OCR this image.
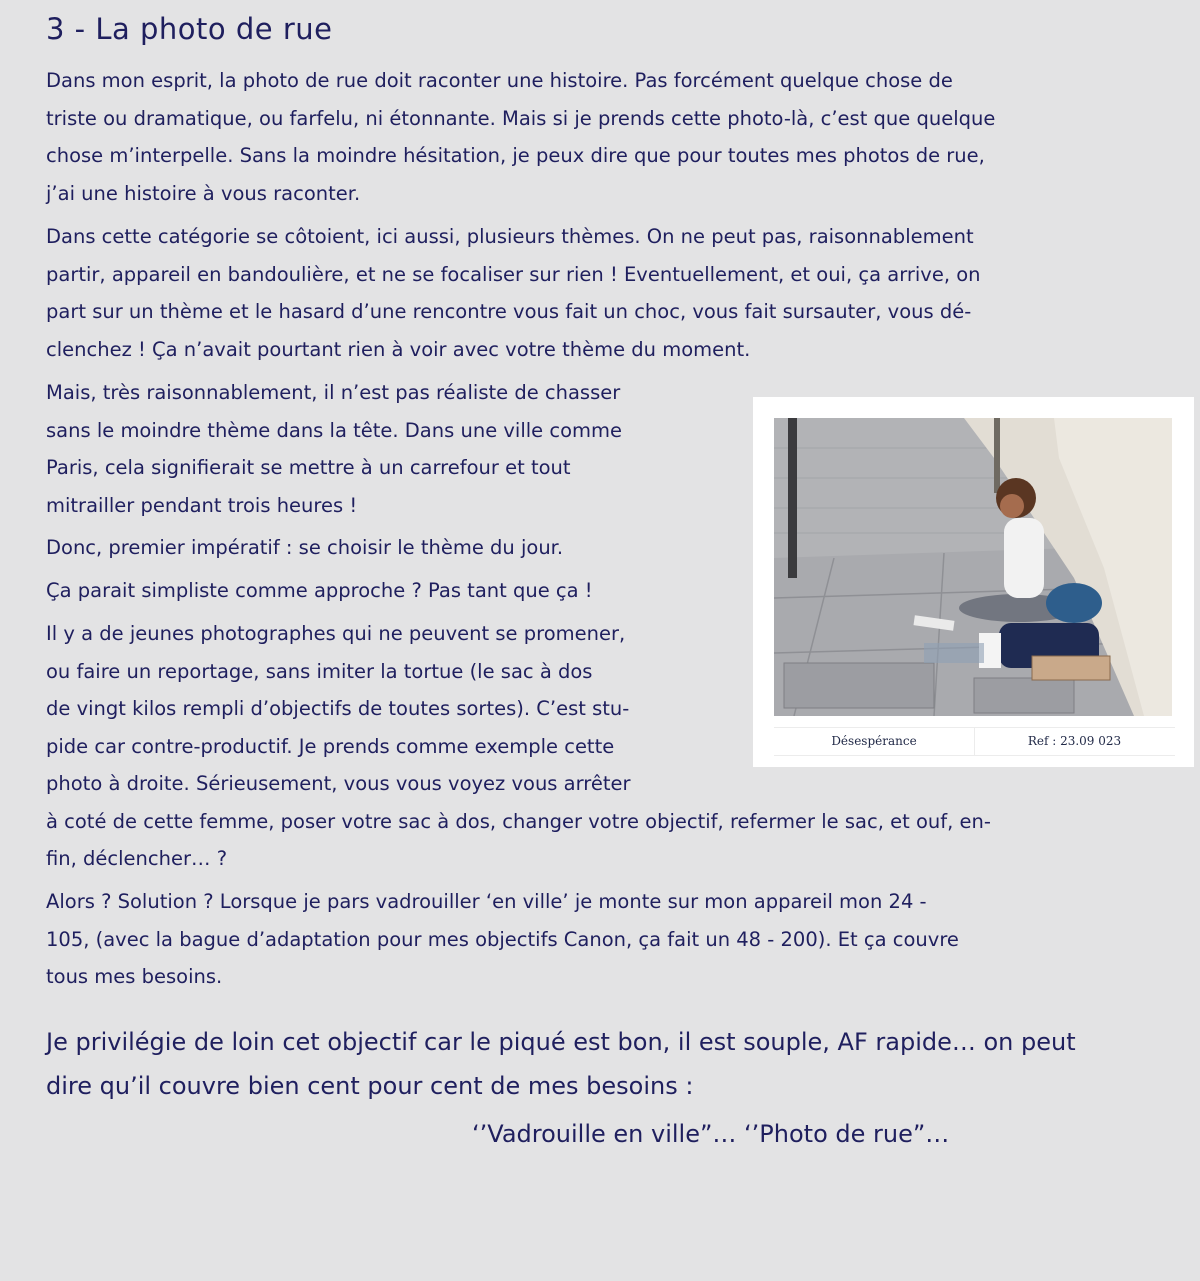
3 - La photo de rue
Dans mon esprit, la photo de rue doit raconter une histoire. Pas forcément quelque chose de
triste ou dramatique, ou farfelu, ni étonnante. Mais si je prends cette photo-là, c’est que quelque
chose m’interpelle. Sans la moindre hésitation, je peux dire que pour toutes mes photos de rue,
j’ai une histoire à vous raconter.
Dans cette catégorie se côtoient, ici aussi, plusieurs thèmes. On ne peut pas, raisonnablement
partir, appareil en bandoulière, et ne se focaliser sur rien ! Eventuellement, et oui, ça arrive, on
part sur un thème et le hasard d’une rencontre vous fait un choc, vous fait sursauter, vous dé-
clenchez ! Ça n’avait pourtant rien à voir avec votre thème du moment.
Mais, très raisonnablement, il n’est pas réaliste de chasser
sans le moindre thème dans la tête. Dans une ville comme
Paris, cela signifierait se mettre à un carrefour et tout
mitrailler pendant trois heures !
Donc, premier impératif : se choisir le thème du jour.
Ça parait simpliste comme approche ? Pas tant que ça !
Il y a de jeunes photographes qui ne peuvent se promener,
ou faire un reportage, sans imiter la tortue (le sac à dos
de vingt kilos rempli d’objectifs de toutes sortes). C’est stu-
pide car contre-productif. Je prends comme exemple cette
photo à droite. Sérieusement, vous vous voyez vous arrêter
à coté de cette femme, poser votre sac à dos, changer votre objectif, refermer le sac, et ouf, en-
fin, déclencher… ?
Alors ? Solution ? Lorsque je pars vadrouiller ‘en ville’ je monte sur mon appareil mon 24 -
105, (avec la bague d’adaptation pour mes objectifs Canon, ça fait un 48 - 200). Et ça couvre
tous mes besoins.
Je privilégie de loin cet objectif car le piqué est bon, il est souple, AF rapide… on peut
dire qu’il couvre bien cent pour cent de mes besoins :

‘’Vadrouille en ville”… ‘’Photo de rue”…

Désespérance	Ref : 23.09 023
